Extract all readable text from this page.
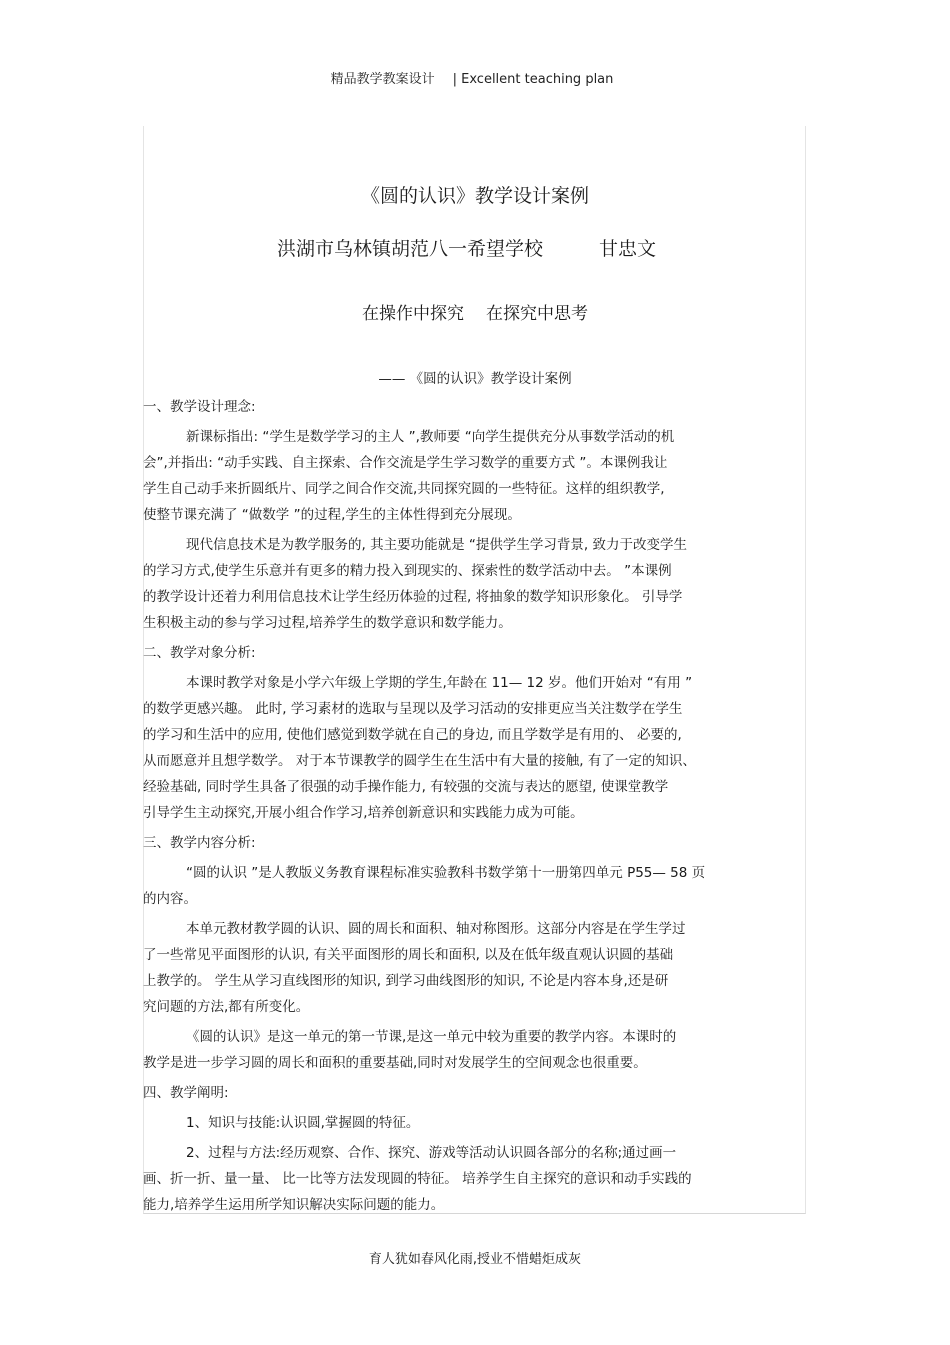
精品教学教案设计 | Excellent teaching plan
《圆的认识》教学设计案例
洪湖市乌林镇胡范八一希望学校	甘忠文
在操作中探究 在探究中思考
—— 《圆的认识》教学设计案例
一、教学设计理念:
新课标指出: “学生是数学学习的主人 ”,教师要 “向学生提供充分从事数学活动的机
会”,并指出: “动手实践、自主探索、合作交流是学生学习数学的重要方式 ”。本课例我让
学生自己动手来折圆纸片、同学之间合作交流,共同探究圆的一些特征。这样的组织教学,
使整节课充满了 “做数学 ”的过程,学生的主体性得到充分展现。
现代信息技术是为教学服务的, 其主要功能就是 “提供学生学习背景, 致力于改变学生
的学习方式,使学生乐意并有更多的精力投入到现实的、探索性的数学活动中去。 ”本课例
的教学设计还着力利用信息技术让学生经历体验的过程, 将抽象的数学知识形象化。 引导学
生积极主动的参与学习过程,培养学生的数学意识和数学能力。
二、教学对象分析:
本课时教学对象是小学六年级上学期的学生,年龄在 11— 12 岁。他们开始对 “有用 ”
的数学更感兴趣。 此时, 学习素材的选取与呈现以及学习活动的安排更应当关注数学在学生
的学习和生活中的应用, 使他们感觉到数学就在自己的身边, 而且学数学是有用的、 必要的,
从而愿意并且想学数学。 对于本节课教学的圆学生在生活中有大量的接触, 有了一定的知识、
经验基础, 同时学生具备了很强的动手操作能力, 有较强的交流与表达的愿望, 使课堂教学
引导学生主动探究,开展小组合作学习,培养创新意识和实践能力成为可能。
三、教学内容分析:
“圆的认识 ”是人教版义务教育课程标准实验教科书数学第十一册第四单元 P55— 58 页
的内容。
本单元教材教学圆的认识、圆的周长和面积、轴对称图形。这部分内容是在学生学过
了一些常见平面图形的认识, 有关平面图形的周长和面积, 以及在低年级直观认识圆的基础
上教学的。 学生从学习直线图形的知识, 到学习曲线图形的知识, 不论是内容本身,还是研
究问题的方法,都有所变化。
《圆的认识》是这一单元的第一节课,是这一单元中较为重要的教学内容。本课时的
教学是进一步学习圆的周长和面积的重要基础,同时对发展学生的空间观念也很重要。
四、教学阐明:
1、知识与技能:认识圆,掌握圆的特征。
2、过程与方法:经历观察、合作、探究、游戏等活动认识圆各部分的名称;通过画一
画、折一折、量一量、 比一比等方法发现圆的特征。 培养学生自主探究的意识和动手实践的
能力,培养学生运用所学知识解决实际问题的能力。
育人犹如春风化雨,授业不惜蜡炬成灰
